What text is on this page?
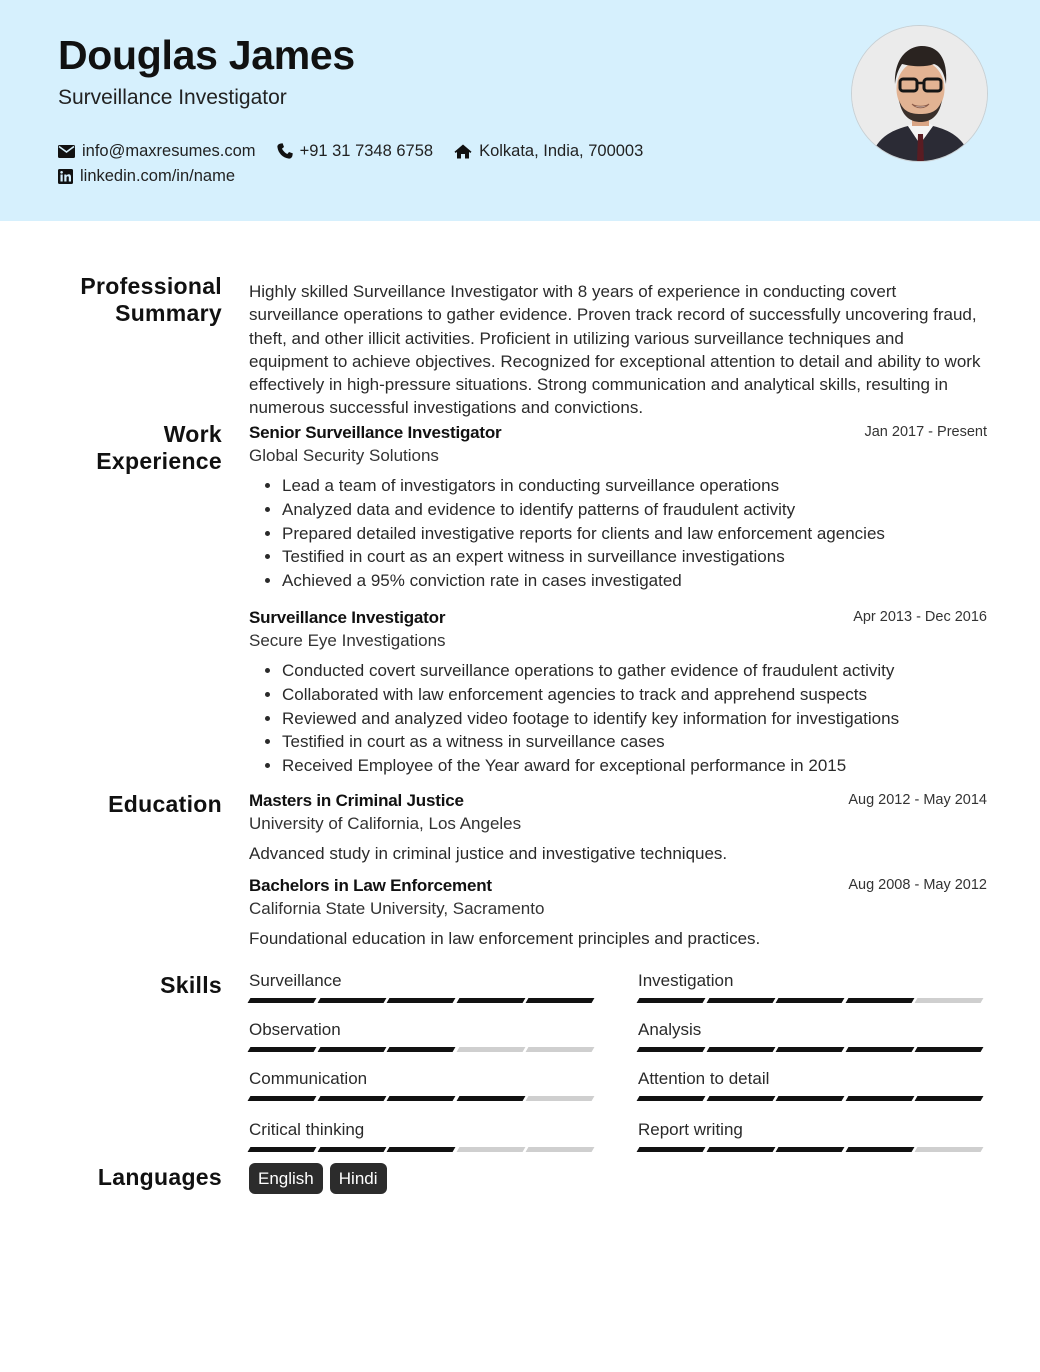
Douglas James
Surveillance Investigator
info@maxresumes.com	+91 31 7348 6758	Kolkata, India, 700003
linkedin.com/in/name
Professional
Summary

Highly skilled Surveillance Investigator with 8 years of experience in conducting covert surveillance operations to gather evidence. Proven track record of successfully uncovering fraud, theft, and other illicit activities. Proficient in utilizing various surveillance techniques and equipment to achieve objectives. Recognized for exceptional attention to detail and ability to work effectively in high-pressure situations. Strong communication and analytical skills, resulting in numerous successful investigations and convictions.

Work
Experience
Senior Surveillance Investigator	Jan 2017 - Present
Global Security Solutions
• Lead a team of investigators in conducting surveillance operations
• Analyzed data and evidence to identify patterns of fraudulent activity
• Prepared detailed investigative reports for clients and law enforcement agencies
• Testified in court as an expert witness in surveillance investigations
• Achieved a 95% conviction rate in cases investigated
Surveillance Investigator	Apr 2013 - Dec 2016
Secure Eye Investigations
• Conducted covert surveillance operations to gather evidence of fraudulent activity
• Collaborated with law enforcement agencies to track and apprehend suspects
• Reviewed and analyzed video footage to identify key information for investigations
• Testified in court as a witness in surveillance cases
• Received Employee of the Year award for exceptional performance in 2015
Education Masters in Criminal Justice	Aug 2012 - May 2014
University of California, Los Angeles
Advanced study in criminal justice and investigative techniques.
Bachelors in Law Enforcement	Aug 2008 - May 2012
California State University, Sacramento
Foundational education in law enforcement principles and practices.
Skills Surveillance	Investigation
Observation	Analysis
Communication	Attention to detail
Critical thinking	Report writing
Languages	English	Hindi
